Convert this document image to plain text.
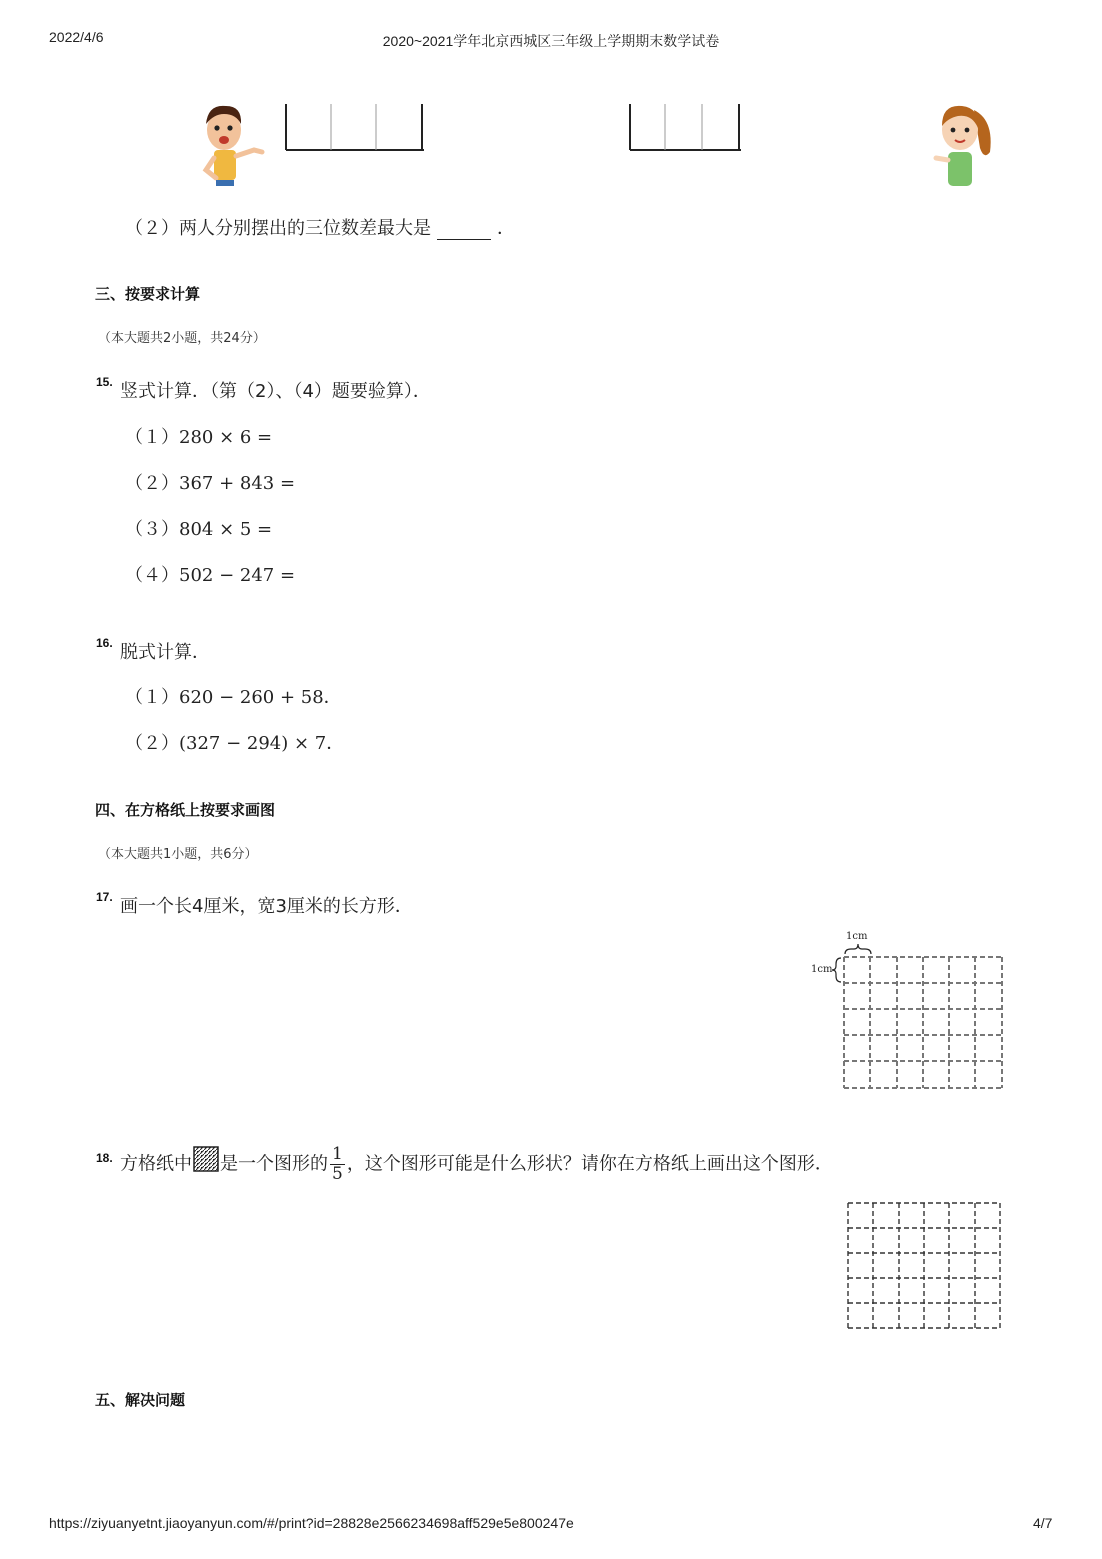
2022/4/6	2020~2021学年北京西城区三年级上学期期末数学试卷
（２）两人分别摆出的三位数差最大是	．
三、按要求计算
（本大题共2小题，共24分）
15. 竖式计算．（第（2）、（4）题要验算）．
（１）280 × 6 =
（２）367 + 843 =
（３）804 × 5 =
（４）502 − 247 =
16. 脱式计算．
（１）620 − 260 + 58．
（２）(327 − 294) × 7．
四、在方格纸上按要求画图
（本大题共1小题，共6分）
17. 画一个长4厘米，宽3厘米的长方形．
1cm
1cm
18. 方格纸中 是一个图形的 $\frac{1}{5}$ ，这个图形可能是什么形状？请你在方格纸上画出这个图形．
五、解决问题
https://ziyuanyetnt.jiaoyanyun.com/#/print?id=28828e2566234698aff529e5e800247e	4/7
